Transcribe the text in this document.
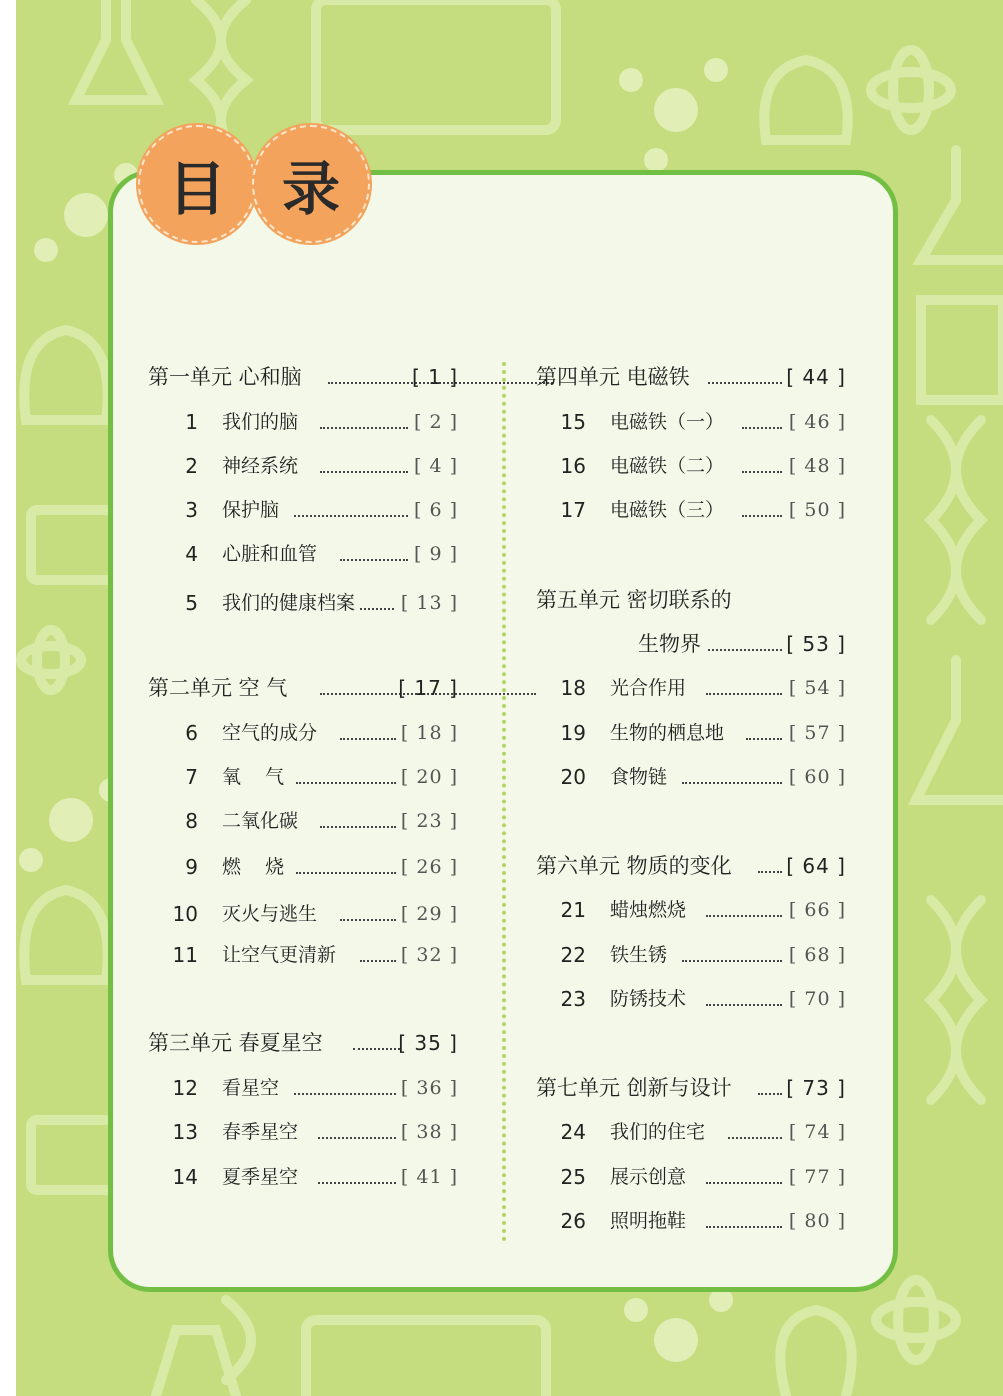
目 录
第一单元 心和脑	[ 1 ]
1 我们的脑	[ 2 ]
2 神经系统	[ 4 ]
3 保护脑	[ 6 ]
4 心脏和血管	[ 9 ]
5 我们的健康档案 [ 13 ]
第二单元 空 气	[ 17 ]
6 空气的成分	[ 18 ]
7 氧    气	[ 20 ]
8 二氧化碳	[ 23 ]
9 燃    烧	[ 26 ]
10 灭火与逃生	[ 29 ]
11 让空气更清新	[ 32 ]
第三单元 春夏星空	[ 35 ]
12 看星空	[ 36 ]
13 春季星空	[ 38 ]
14 夏季星空	[ 41 ]
第四单元 电磁铁	[ 44 ]
15 电磁铁（一）	[ 46 ]
16 电磁铁（二）	[ 48 ]
17 电磁铁（三）	[ 50 ]
第五单元 密切联系的
生物界	[ 53 ]
18 光合作用	[ 54 ]
19 生物的栖息地	[ 57 ]
20 食物链	[ 60 ]
第六单元 物质的变化	[ 64 ]
21 蜡烛燃烧	[ 66 ]
22 铁生锈	[ 68 ]
23 防锈技术	[ 70 ]
第七单元 创新与设计	[ 73 ]
24 我们的住宅	[ 74 ]
25 展示创意	[ 77 ]
26 照明拖鞋	[ 80 ]
